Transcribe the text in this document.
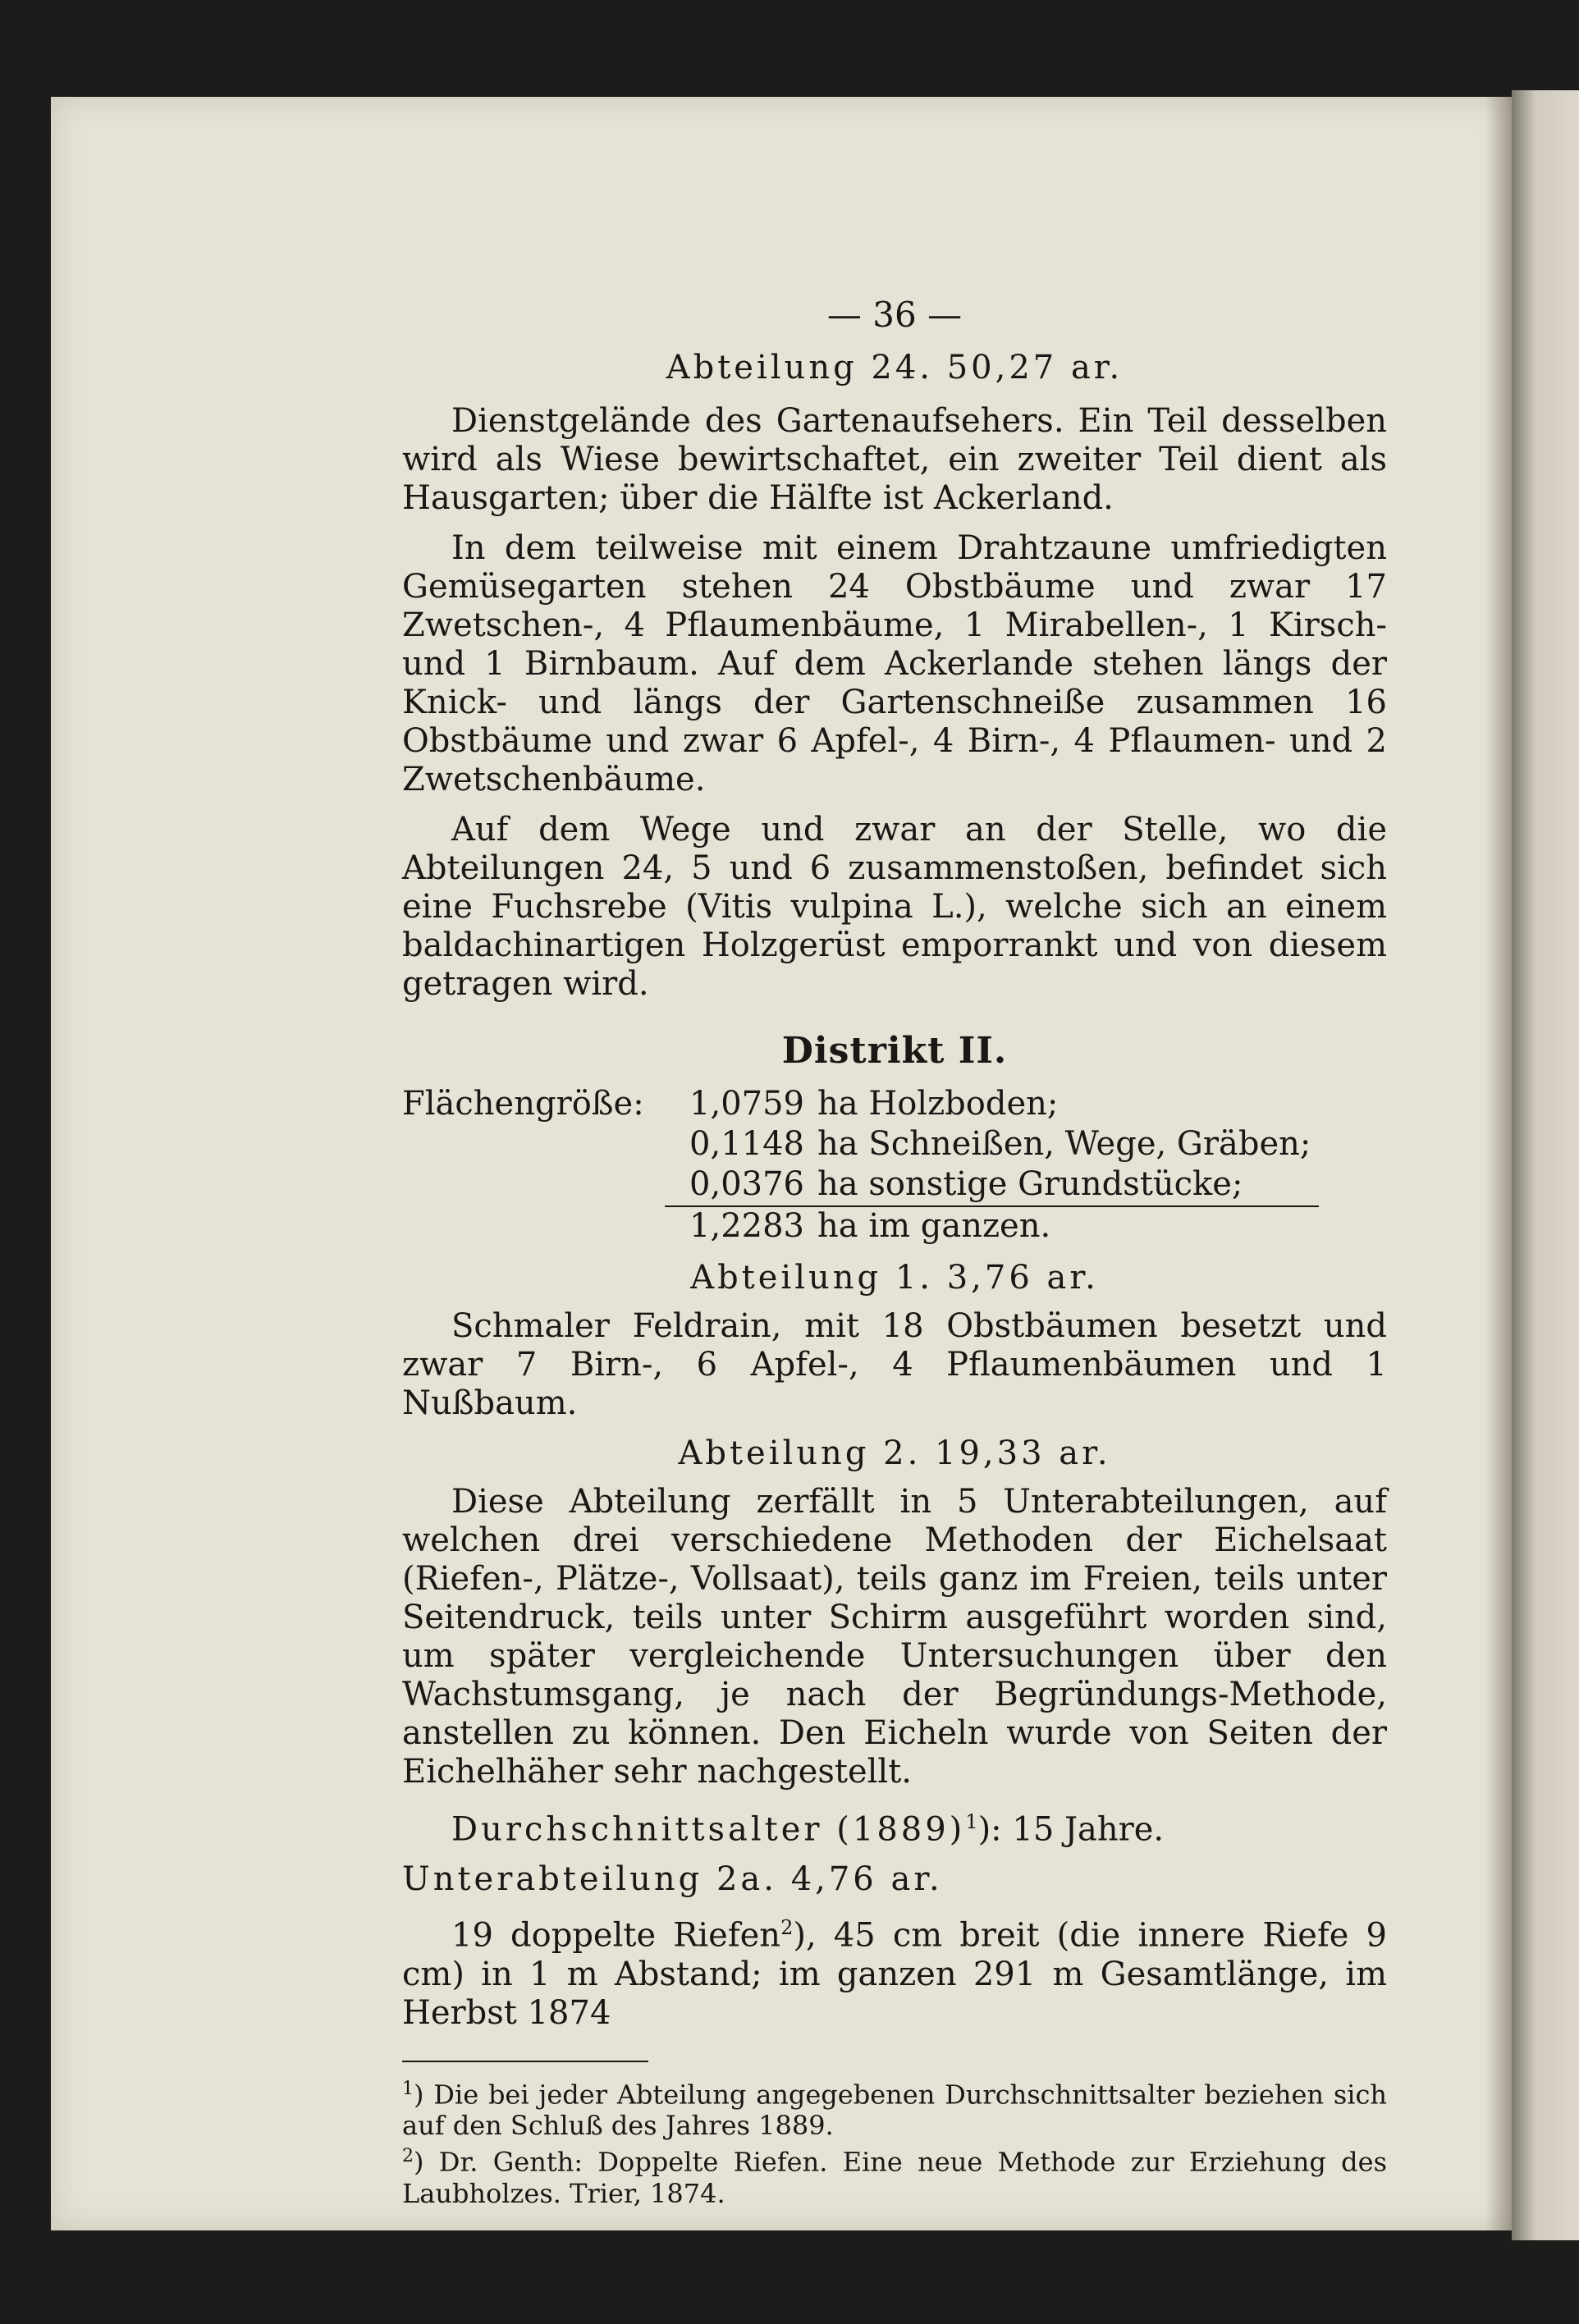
— 36 —
Abteilung 24. 50,27 ar.

Dienstgelände des Gartenaufsehers. Ein Teil desselben wird als Wiese bewirtschaftet, ein zweiter Teil dient als Hausgarten; über die Hälfte ist Ackerland.

In dem teilweise mit einem Drahtzaune umfriedigten Gemüsegarten stehen 24 Obstbäume und zwar 17 Zwetschen-, 4 Pflaumenbäume, 1 Mirabellen-, 1 Kirsch- und 1 Birnbaum. Auf dem Ackerlande stehen längs der Knick- und längs der Gartenschneiße zusammen 16 Obstbäume und zwar 6 Apfel-, 4 Birn-, 4 Pflaumen- und 2 Zwetschenbäume.

Auf dem Wege und zwar an der Stelle, wo die Abteilungen 24, 5 und 6 zusammenstoßen, befindet sich eine Fuchsrebe (Vitis vulpina L.), welche sich an einem baldachinartigen Holzgerüst emporrankt und von diesem getragen wird.

Distrikt II.
Flächengröße:	1,0759	ha Holzboden;
	0,1148	ha Schneißen, Wege, Gräben;
	0,0376	ha sonstige Grundstücke;
	1,2283	ha im ganzen.
Abteilung 1. 3,76 ar.

Schmaler Feldrain, mit 18 Obstbäumen besetzt und zwar 7 Birn-, 6 Apfel-, 4 Pflaumenbäumen und 1 Nußbaum.

Abteilung 2. 19,33 ar.

Diese Abteilung zerfällt in 5 Unterabteilungen, auf welchen drei verschiedene Methoden der Eichelsaat (Riefen-, Plätze-, Vollsaat), teils ganz im Freien, teils unter Seitendruck, teils unter Schirm ausgeführt worden sind, um später vergleichende Untersuchungen über den Wachstumsgang, je nach der Begründungs-Methode, anstellen zu können. Den Eicheln wurde von Seiten der Eichelhäher sehr nachgestellt.

Durchschnittsalter $(1889)^1$): 15 Jahre.

Unterabteilung 2a. 4,76 ar.

19 doppelte Riefen$^2$), 45 cm breit (die innere Riefe 9 cm) in 1 m Abstand; im ganzen 291 m Gesamtlänge, im Herbst 1874

$^1$) Die bei jeder Abteilung angegebenen Durchschnittsalter beziehen sich auf den Schluß des Jahres 1889.
$^2$) Dr. Genth: Doppelte Riefen. Eine neue Methode zur Erziehung des Laubholzes. Trier, 1874.
